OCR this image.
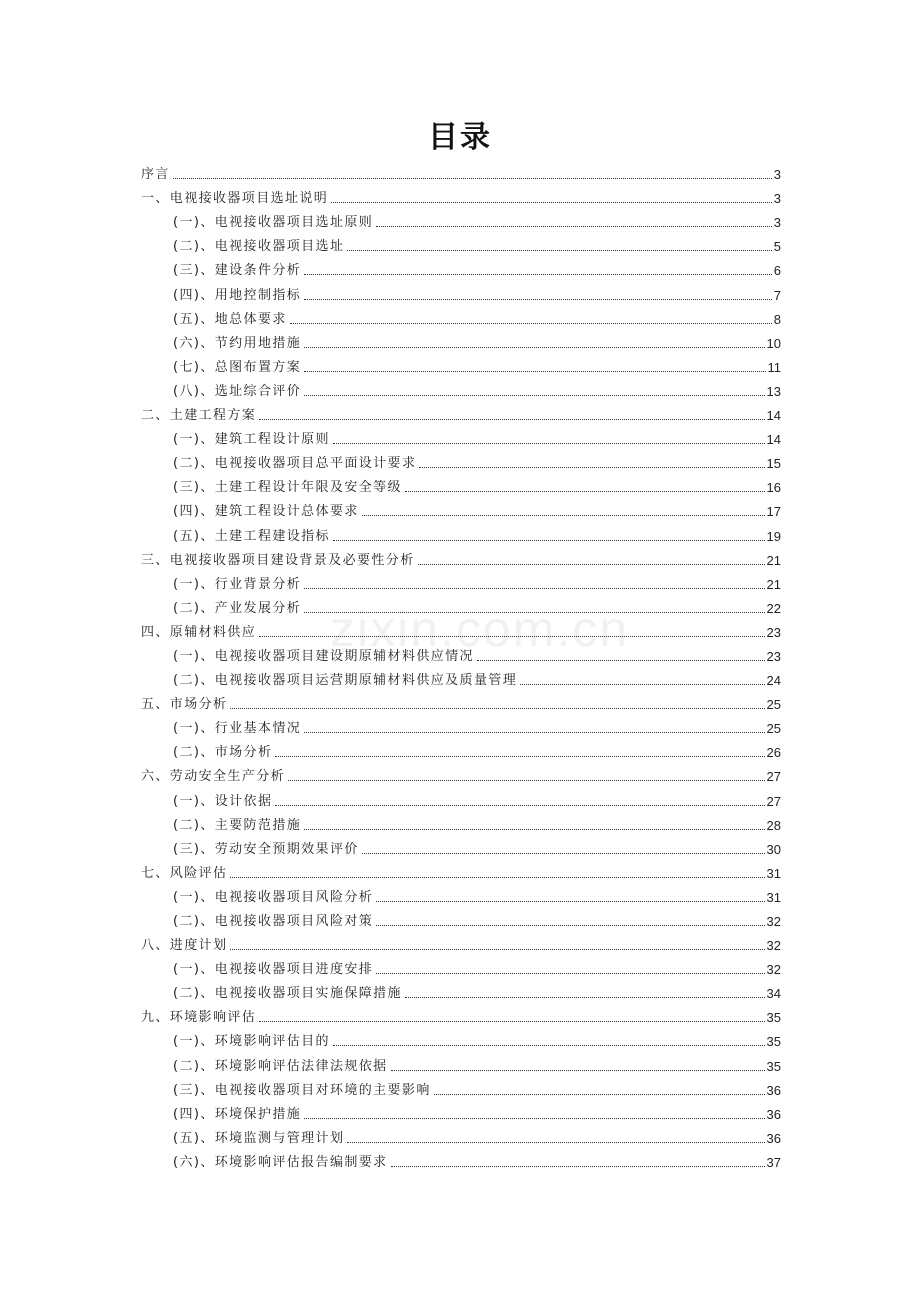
目录
zixin.com.cn
序言	3
一、电视接收器项目选址说明	3
(一)、电视接收器项目选址原则	3
(二)、电视接收器项目选址	5
(三)、建设条件分析	6
(四)、用地控制指标	7
(五)、地总体要求	8
(六)、节约用地措施	10
(七)、总图布置方案	11
(八)、选址综合评价	13
二、土建工程方案	14
(一)、建筑工程设计原则	14
(二)、电视接收器项目总平面设计要求	15
(三)、土建工程设计年限及安全等级	16
(四)、建筑工程设计总体要求	17
(五)、土建工程建设指标	19
三、电视接收器项目建设背景及必要性分析	21
(一)、行业背景分析	21
(二)、产业发展分析	22
四、原辅材料供应	23
(一)、电视接收器项目建设期原辅材料供应情况	23
(二)、电视接收器项目运营期原辅材料供应及质量管理	24
五、市场分析	25
(一)、行业基本情况	25
(二)、市场分析	26
六、劳动安全生产分析	27
(一)、设计依据	27
(二)、主要防范措施	28
(三)、劳动安全预期效果评价	30
七、风险评估	31
(一)、电视接收器项目风险分析	31
(二)、电视接收器项目风险对策	32
八、进度计划	32
(一)、电视接收器项目进度安排	32
(二)、电视接收器项目实施保障措施	34
九、环境影响评估	35
(一)、环境影响评估目的	35
(二)、环境影响评估法律法规依据	35
(三)、电视接收器项目对环境的主要影响	36
(四)、环境保护措施	36
(五)、环境监测与管理计划	36
(六)、环境影响评估报告编制要求	37
